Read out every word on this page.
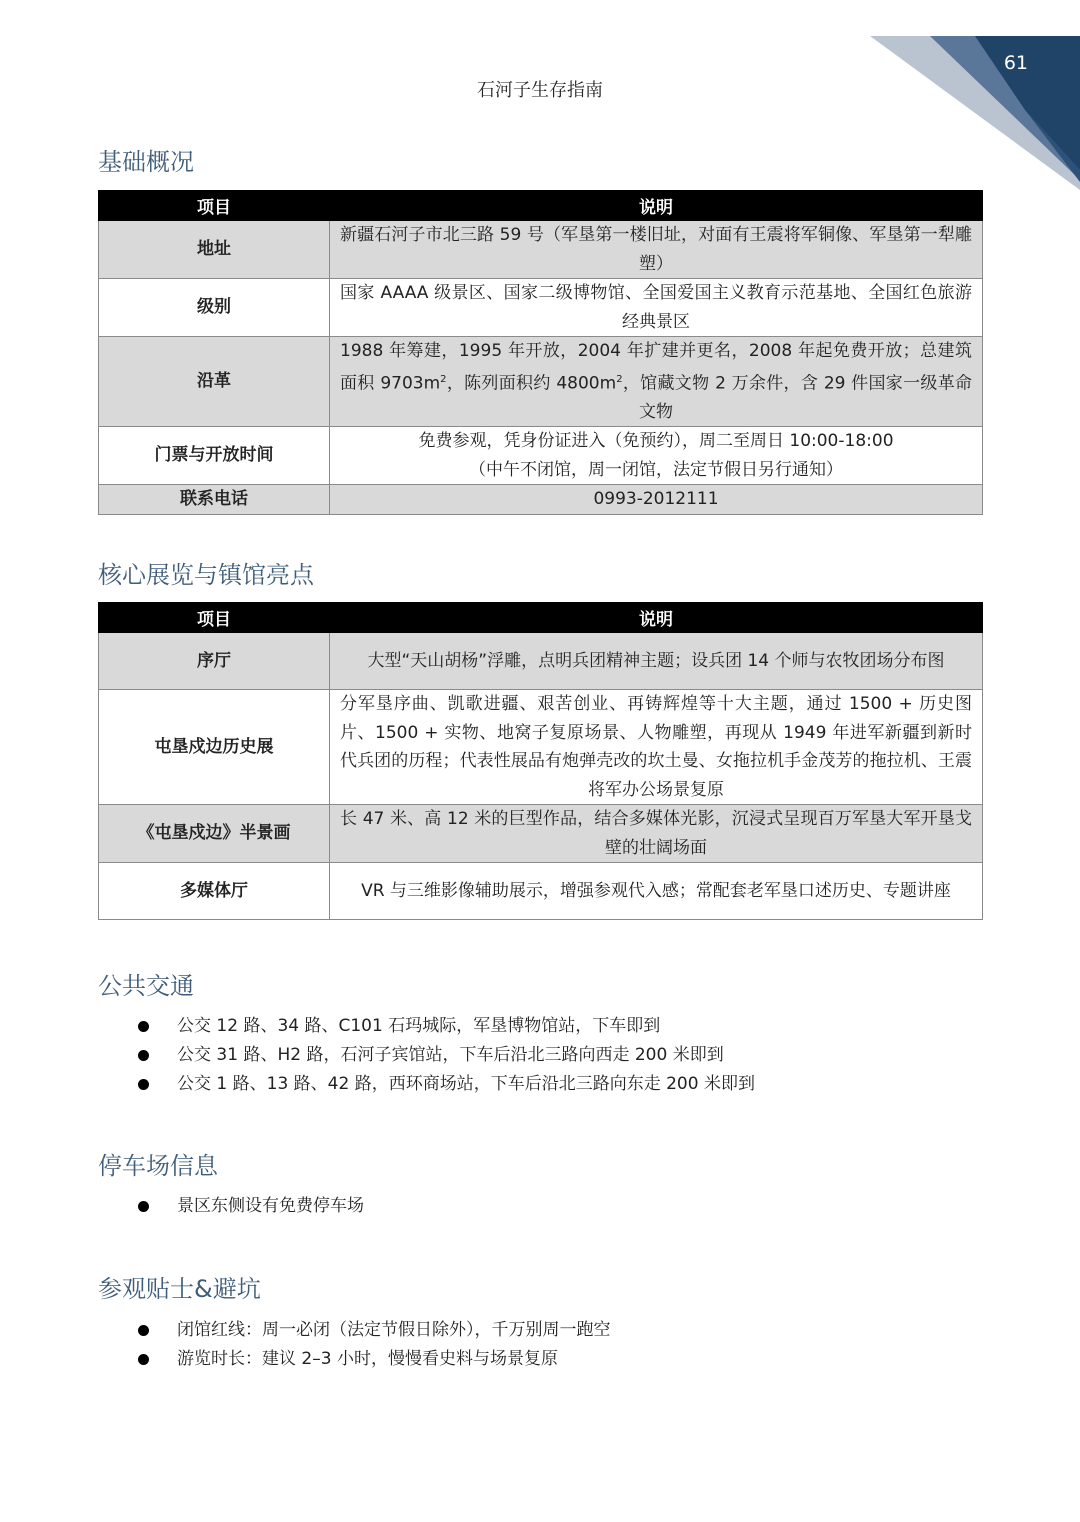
61
石河子生存指南
基础概况
项目	说明
地址	新疆石河子市北三路 59 号（军垦第一楼旧址，对面有王震将军铜像、军垦第一犁雕塑）
级别	国家 AAAA 级景区、国家二级博物馆、全国爱国主义教育示范基地、全国红色旅游经典景区
沿革	1988 年筹建，1995 年开放，2004 年扩建并更名，2008 年起免费开放；总建筑面积 $9703m^2$，陈列面积约 $4800m^2$，馆藏文物 2 万余件，含 29 件国家一级革命文物
门票与开放时间	免费参观，凭身份证进入（免预约），周二至周日 10:00-18:00
（中午不闭馆，周一闭馆，法定节假日另行通知）

联系电话	0993-2012111
核心展览与镇馆亮点
项目	说明
序厅	大型“天山胡杨”浮雕，点明兵团精神主题；设兵团 14 个师与农牧团场分布图
屯垦戍边历史展	分军垦序曲、凯歌进疆、艰苦创业、再铸辉煌等十大主题，通过 1500 + 历史图片、1500 + 实物、地窝子复原场景、人物雕塑，再现从 1949 年进军新疆到新时代兵团的历程；代表性展品有炮弹壳改的坎土曼、女拖拉机手金茂芳的拖拉机、王震将军办公场景复原
《屯垦戍边》半景画	长 47 米、高 12 米的巨型作品，结合多媒体光影，沉浸式呈现百万军垦大军开垦戈壁的壮阔场面
多媒体厅	VR 与三维影像辅助展示，增强参观代入感；常配套老军垦口述历史、专题讲座
公共交通
公交 12 路、34 路、C101 石玛城际，军垦博物馆站，下车即到
公交 31 路、H2 路，石河子宾馆站，下车后沿北三路向西走 200 米即到
公交 1 路、13 路、42 路，西环商场站，下车后沿北三路向东走 200 米即到
停车场信息
景区东侧设有免费停车场
参观贴士&避坑
闭馆红线：周一必闭（法定节假日除外），千万别周一跑空
游览时长：建议 2–3 小时，慢慢看史料与场景复原
